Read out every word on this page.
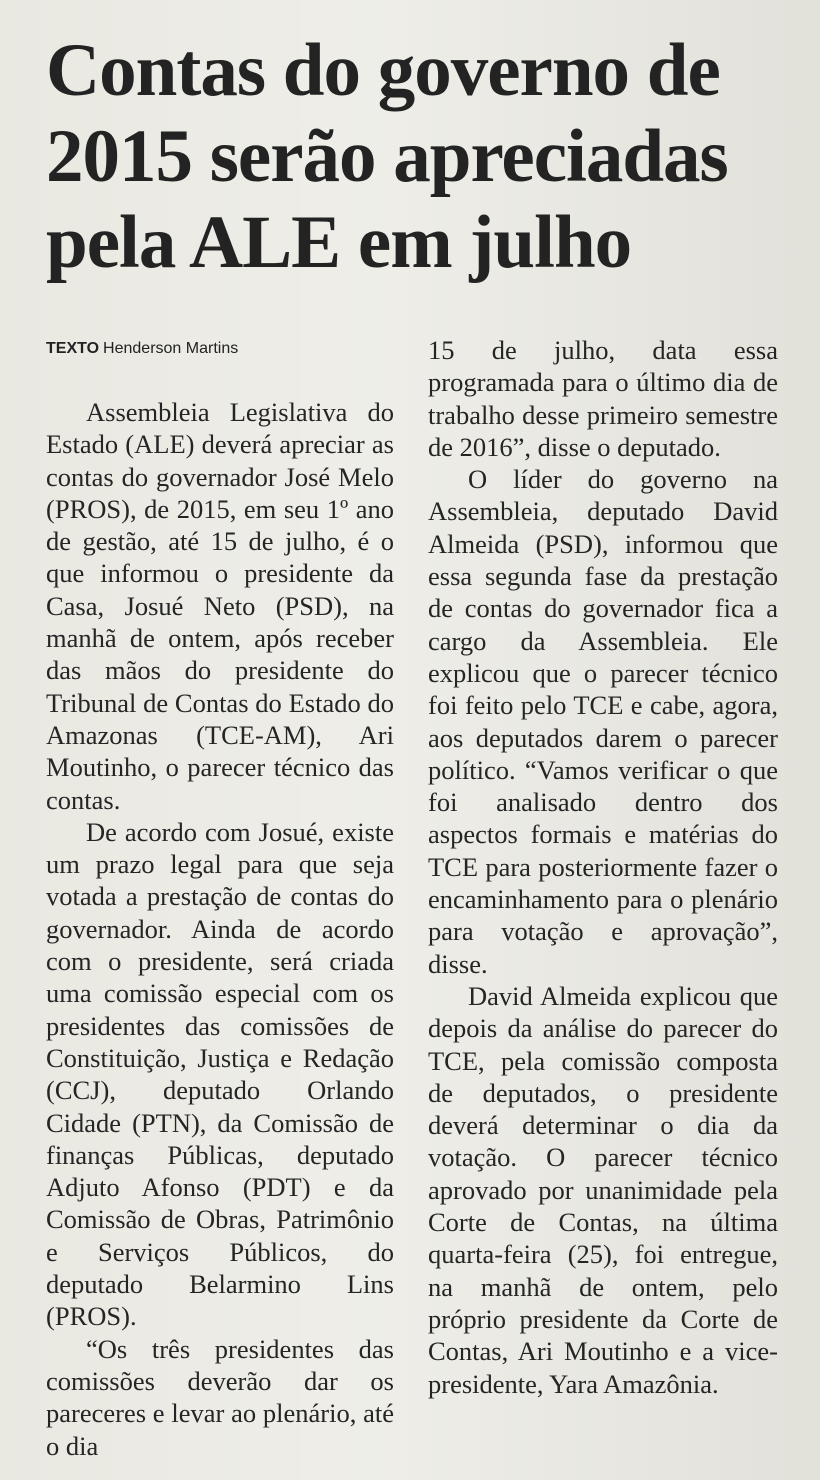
Contas do governo de 2015 serão apreciadas pela ALE em julho
TEXTO Henderson Martins

Assembleia Legislativa do Estado (ALE) deverá apreciar as contas do governador José Melo (PROS), de 2015, em seu 1º ano de gestão, até 15 de julho, é o que informou o presidente da Casa, Josué Neto (PSD), na manhã de ontem, após receber das mãos do presidente do Tribunal de Contas do Estado do Amazonas (TCE-AM), Ari Moutinho, o parecer técnico das contas.

De acordo com Josué, existe um prazo legal para que seja votada a prestação de contas do governador. Ainda de acordo com o presidente, será criada uma comissão especial com os presidentes das comissões de Constituição, Justiça e Redação (CCJ), deputado Orlando Cidade (PTN), da Comissão de finanças Públicas, deputado Adjuto Afonso (PDT) e da Comissão de Obras, Patrimônio e Serviços Públicos, do deputado Belarmino Lins (PROS).

“Os três presidentes das comissões deverão dar os pareceres e levar ao plenário, até o dia

15 de julho, data essa programada para o último dia de trabalho desse primeiro semestre de 2016”, disse o deputado.

O líder do governo na Assembleia, deputado David Almeida (PSD), informou que essa segunda fase da prestação de contas do governador fica a cargo da Assembleia. Ele explicou que o parecer técnico foi feito pelo TCE e cabe, agora, aos deputados darem o parecer político. “Vamos verificar o que foi analisado dentro dos aspectos formais e matérias do TCE para posteriormente fazer o encaminhamento para o plenário para votação e aprovação”, disse.

David Almeida explicou que depois da análise do parecer do TCE, pela comissão composta de deputados, o presidente deverá determinar o dia da votação. O parecer técnico aprovado por unanimidade pela Corte de Contas, na última quarta-feira (25), foi entregue, na manhã de ontem, pelo próprio presidente da Corte de Contas, Ari Moutinho e a vice-presidente, Yara Amazônia.
